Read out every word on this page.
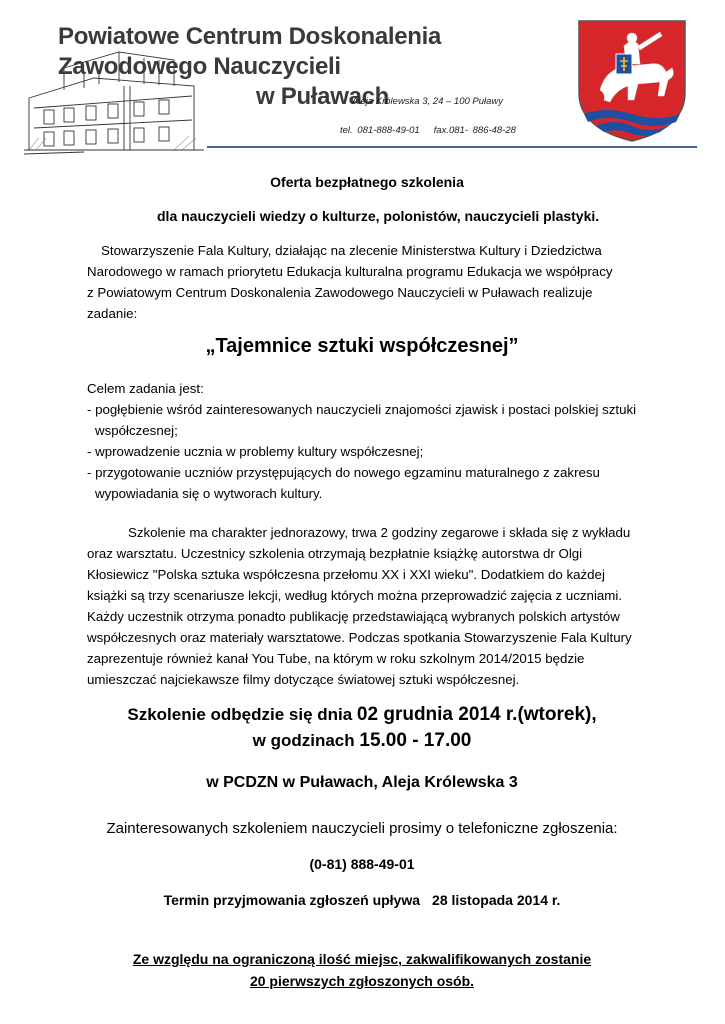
Powiatowe Centrum Doskonalenia Zawodowego Nauczycieli
w Puławach
Aleja Królewska 3, 24 – 100 Puławy
tel. 081-888-49-01 fax.081- 886-48-28
Oferta bezpłatnego szkolenia
dla nauczycieli wiedzy o kulturze, polonistów, nauczycieli plastyki.

Stowarzyszenie Fala Kultury, działając na zlecenie Ministerstwa Kultury i Dziedzictwa

Narodowego w ramach priorytetu Edukacja kulturalna programu Edukacja we współpracy

z Powiatowym Centrum Doskonalenia Zawodowego Nauczycieli w Puławach realizuje

zadanie:

„Tajemnice sztuki współczesnej”

Celem zadania jest:

- pogłębienie wśród zainteresowanych nauczycieli znajomości zjawisk i postaci polskiej sztuki

współczesnej;

- wprowadzenie ucznia w problemy kultury współczesnej;

- przygotowanie uczniów przystępujących do nowego egzaminu maturalnego z zakresu

wypowiadania się o wytworach kultury.

Szkolenie ma charakter jednorazowy, trwa 2 godziny zegarowe i składa się z wykładu

oraz warsztatu. Uczestnicy szkolenia otrzymają bezpłatnie książkę autorstwa dr Olgi

Kłosiewicz "Polska sztuka współczesna przełomu XX i XXI wieku". Dodatkiem do każdej

książki są trzy scenariusze lekcji, według których można przeprowadzić zajęcia z uczniami.

Każdy uczestnik otrzyma ponadto publikację przedstawiającą wybranych polskich artystów

współczesnych oraz materiały warsztatowe. Podczas spotkania Stowarzyszenie Fala Kultury

zaprezentuje również kanał You Tube, na którym w roku szkolnym 2014/2015 będzie

umieszczać najciekawsze filmy dotyczące światowej sztuki współczesnej.

Szkolenie odbędzie się dnia 02 grudnia 2014 r.(wtorek),
w godzinach 15.00 - 17.00
w PCDZN w Puławach, Aleja Królewska 3
Zainteresowanych szkoleniem nauczycieli prosimy o telefoniczne zgłoszenia:
(0-81) 888-49-01
Termin przyjmowania zgłoszeń upływa 28 listopada 2014 r.
Ze względu na ograniczoną ilość miejsc, zakwalifikowanych zostanie
20 pierwszych zgłoszonych osób.
